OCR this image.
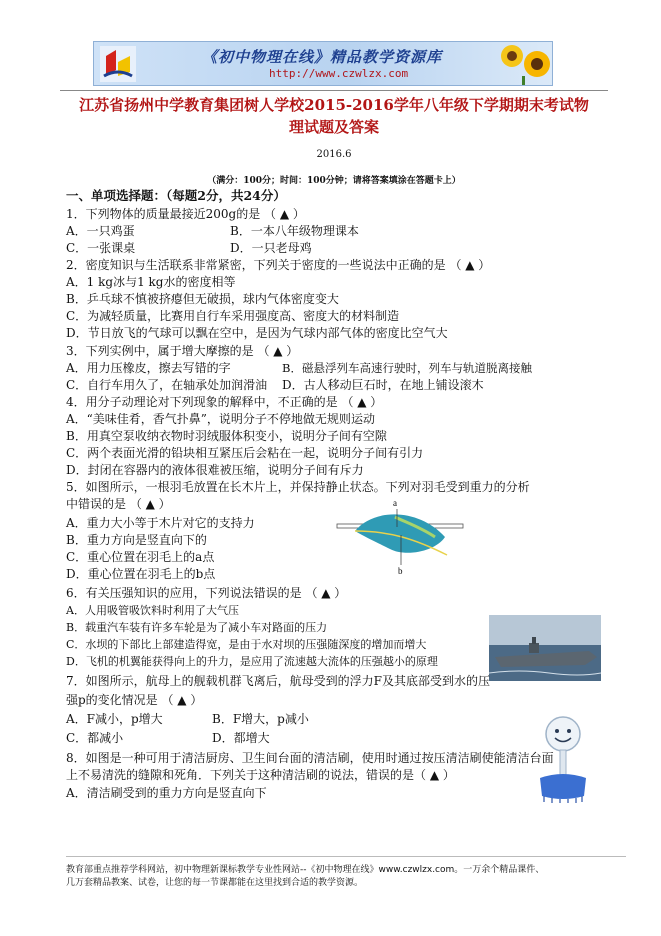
《初中物理在线》精品教学资源库
http://www.czwlzx.com
江苏省扬州中学教育集团树人学校2015-2016学年八年级下学期期末考试物
理试题及答案
2016.6
（满分：100分；时间：100分钟；请将答案填涂在答题卡上）
一、单项选择题：（每题2分，共24分）
1．下列物体的质量最接近200g的是 （ ▲ ）
A．一只鸡蛋	B．一本八年级物理课本
C．一张课桌	D．一只老母鸡
2．密度知识与生活联系非常紧密，下列关于密度的一些说法中正确的是 （ ▲ ）
A．1 kg冰与1 kg水的密度相等
B．乒乓球不慎被挤瘪但无破损，球内气体密度变大
C．为减轻质量，比赛用自行车采用强度高、密度大的材料制造
D．节日放飞的气球可以飘在空中，是因为气球内部气体的密度比空气大
3．下列实例中，属于增大摩擦的是 （ ▲ ）
A．用力压橡皮，擦去写错的字	B．磁悬浮列车高速行驶时，列车与轨道脱离接触
C．自行车用久了，在轴承处加润滑油 D．古人移动巨石时，在地上铺设滚木
4．用分子动理论对下列现象的解释中，不正确的是 （ ▲ ）
A．“美味佳肴，香气扑鼻”，说明分子不停地做无规则运动
B．用真空泵收纳衣物时羽绒服体积变小，说明分子间有空隙
C．两个表面光滑的铅块相互紧压后会粘在一起，说明分子间有引力
D．封闭在容器内的液体很难被压缩，说明分子间有斥力
5．如图所示，一根羽毛放置在长木片上，并保持静止状态。下列对羽毛受到重力的分析
中错误的是 （ ▲ ）
A．重力大小等于木片对它的支持力
B．重力方向是竖直向下的
C．重心位置在羽毛上的a点
D．重心位置在羽毛上的b点
a
b
6．有关压强知识的应用，下列说法错误的是 （ ▲ ）
A．人用吸管吸饮料时利用了大气压
B．载重汽车装有许多车轮是为了减小车对路面的压力
C．水坝的下部比上部建造得宽，是由于水对坝的压强随深度的增加而增大
D．飞机的机翼能获得向上的升力，是应用了流速越大流体的压强越小的原理
7．如图所示，航母上的舰载机群飞离后，航母受到的浮力F及其底部受到水的压
强p的变化情况是 （ ▲ ）
A．F减小，p增大	B．F增大，p减小
C．都减小	D．都增大
8．如图是一种可用于清洁厨房、卫生间台面的清洁刷，使用时通过按压清洁刷使能清洁台面
上不易清洗的缝隙和死角．下列关于这种清洁刷的说法，错误的是（ ▲ ）
A．清洁刷受到的重力方向是竖直向下
教育部重点推荐学科网站，初中物理新课标教学专业性网站--《初中物理在线》www.czwlzx.com。一万余个精品课件、
几万套精品教案、试卷，让您的每一节课都能在这里找到合适的教学资源。
